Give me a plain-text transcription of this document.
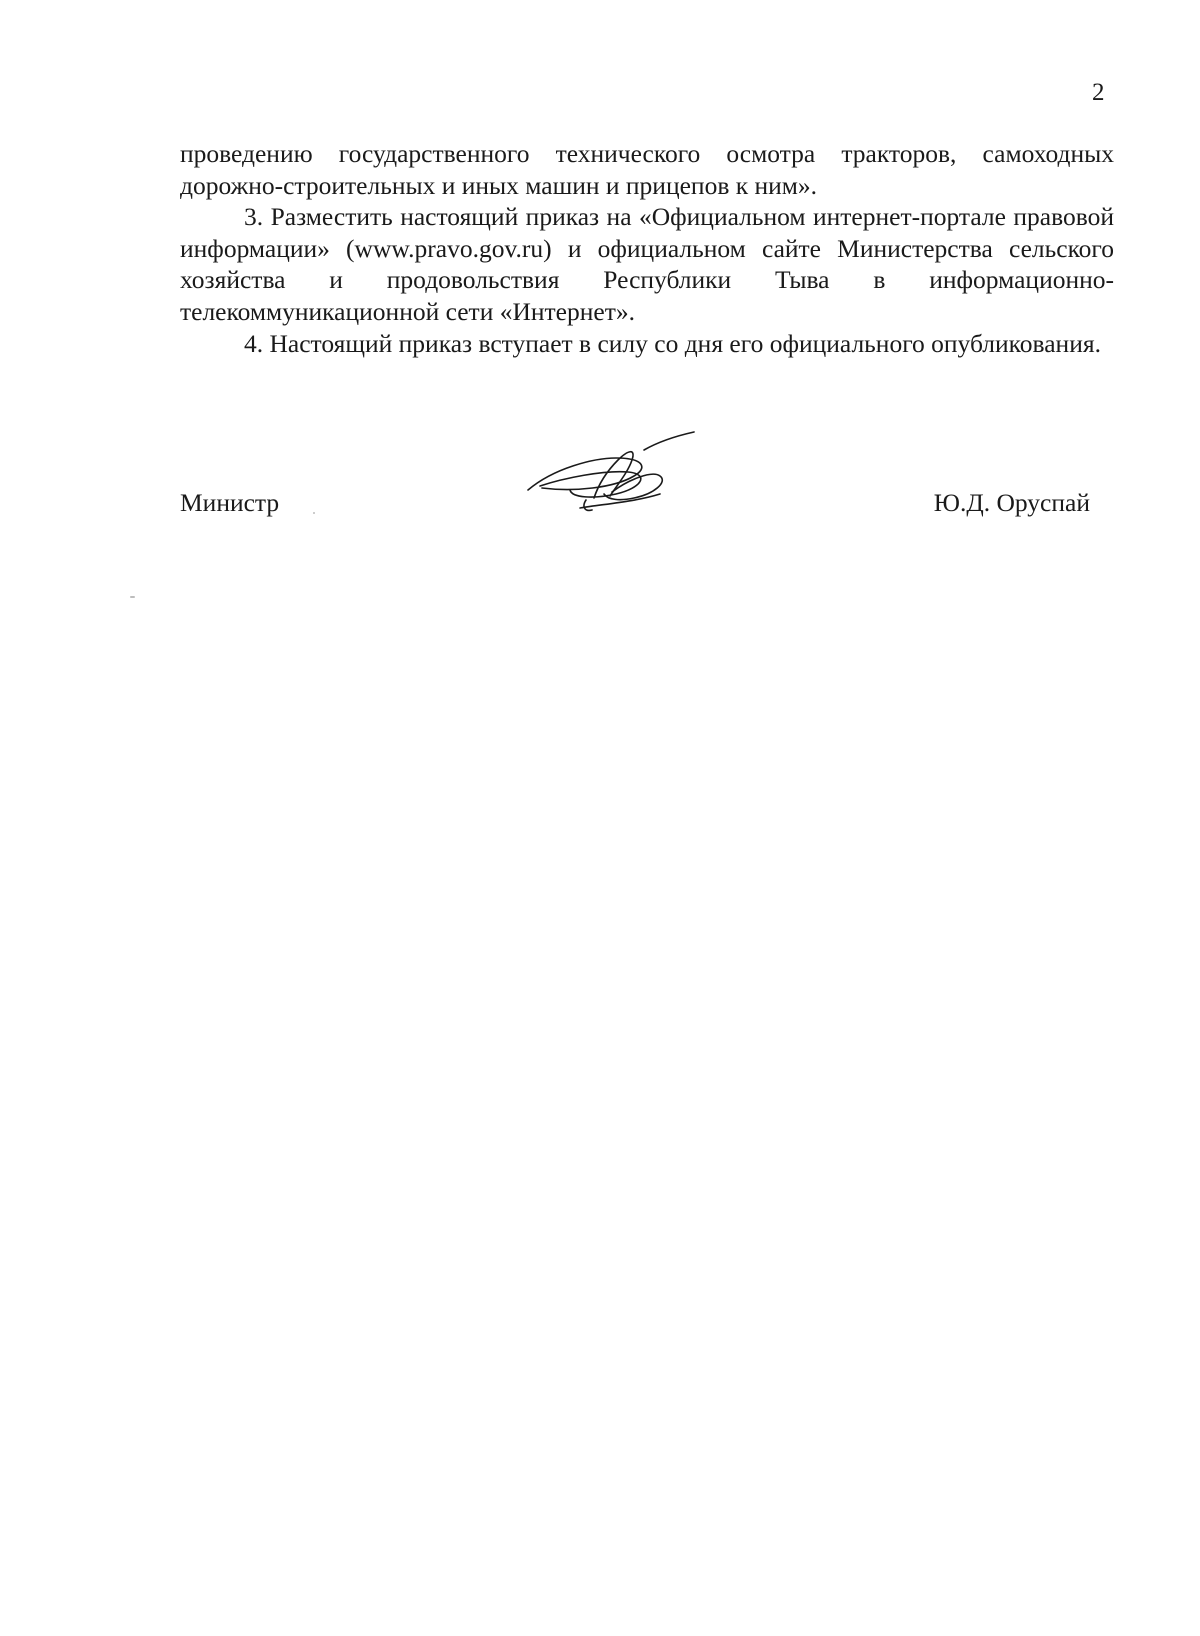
2

проведению государственного технического осмотра тракторов, самоходных дорожно-строительных и иных машин и прицепов к ним».

3. Разместить настоящий приказ на «Официальном интернет-портале правовой информации» (www.pravo.gov.ru) и официальном сайте Министерства сельского хозяйства и продовольствия Республики Тыва в информационно-телекоммуникационной сети «Интернет».

4. Настоящий приказ вступает в силу со дня его официального опубликования.

Министр	Ю.Д. Оруспай
